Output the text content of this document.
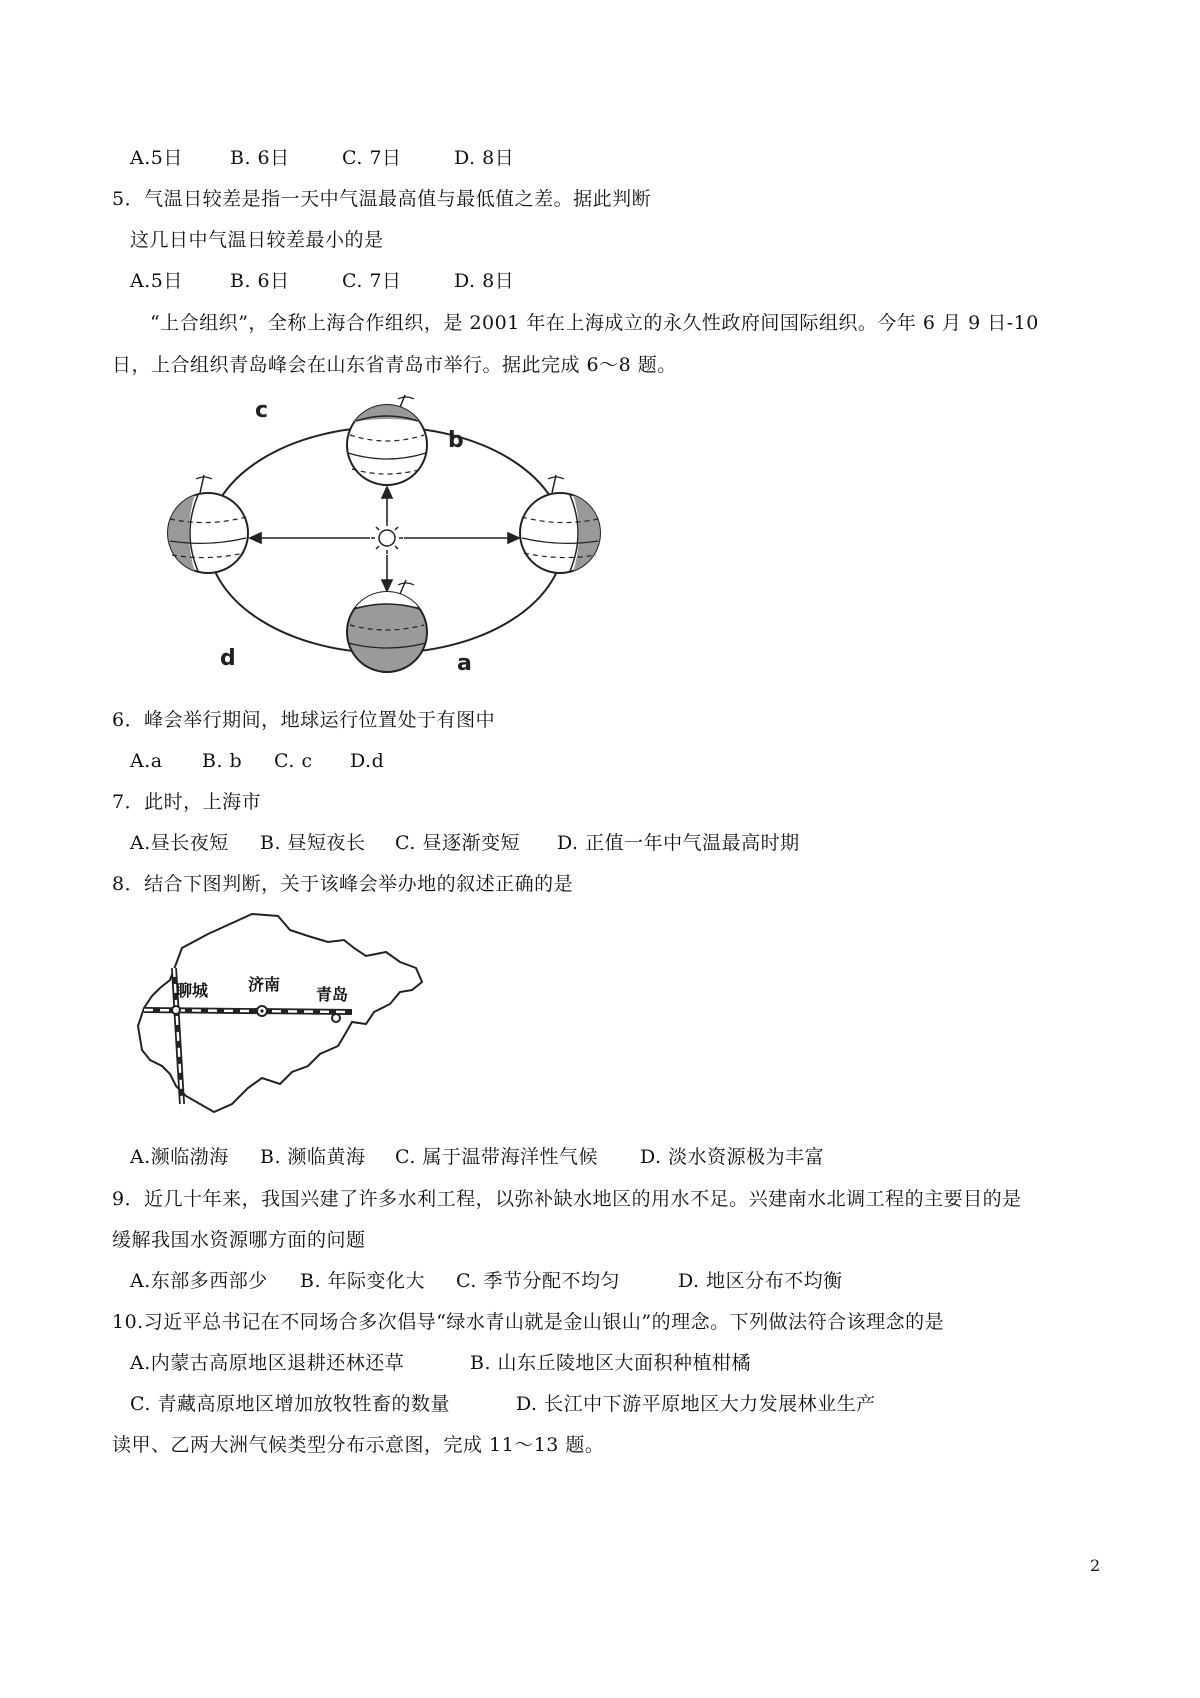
A.5日 B. 6日	C. 7日	D. 8日
5．气温日较差是指一天中气温最高值与最低值之差。据此判断
这几日中气温日较差最小的是
A.5日 B. 6日	C. 7日	D. 8日
“上合组织”，全称上海合作组织，是 2001 年在上海成立的永久性政府间国际组织。今年 6 月 9 日-10
日，上合组织青岛峰会在山东省青岛市举行。据此完成 6～8 题。
c
b
d	a
6．峰会举行期间，地球运行位置处于有图中
A.a B. b C. c D.d
7．此时，上海市
A.昼长夜短 B. 昼短夜长 C. 昼逐渐变短 D. 正值一年中气温最高时期
8．结合下图判断，关于该峰会举办地的叙述正确的是
聊城 济南
青岛
A.濒临渤海 B. 濒临黄海 C. 属于温带海洋性气候 D. 淡水资源极为丰富
9．近几十年来，我国兴建了许多水利工程，以弥补缺水地区的用水不足。兴建南水北调工程的主要目的是
缓解我国水资源哪方面的问题
A.东部多西部少 B. 年际变化大 C. 季节分配不均匀	D. 地区分布不均衡
10.习近平总书记在不同场合多次倡导“绿水青山就是金山银山”的理念。下列做法符合该理念的是
A.内蒙古高原地区退耕还林还草	B. 山东丘陵地区大面积种植柑橘
C. 青藏高原地区增加放牧牲畜的数量	D. 长江中下游平原地区大力发展林业生产
读甲、乙两大洲气候类型分布示意图，完成 11～13 题。
2
